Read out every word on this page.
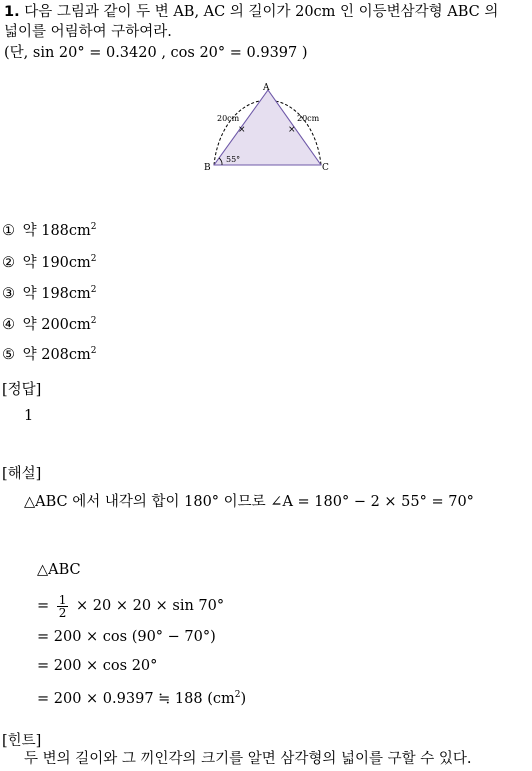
1. 다음 그림과 같이 두 변 AB, AC 의 길이가 20cm 인 이등변삼각형 ABC 의
넓이를 어림하여 구하여라.
(단, sin 20° = 0.3420 , cos 20° = 0.9397 )
×	×
A
B	C
20cm	20cm
55°
① 약 $188cm^2$
② 약 $190cm^2$
③ 약 $198cm^2$
④ 약 $200cm^2$
⑤ 약 $208cm^2$
[정답]
1
[해설]
△ABC 에서 내각의 합이 180° 이므로 ∠A = 180° − 2 × 55° = 70°
△ABC
= $\frac{1}{2} \times 20 \times 20 \times \sin 70^\circ$
= 200 × cos (90° − 70°)
= 200 × cos 20°
= 200 × 0.9397 ≒ 188 $(cm^2)$
[힌트]
두 변의 길이와 그 끼인각의 크기를 알면 삼각형의 넓이를 구할 수 있다.
